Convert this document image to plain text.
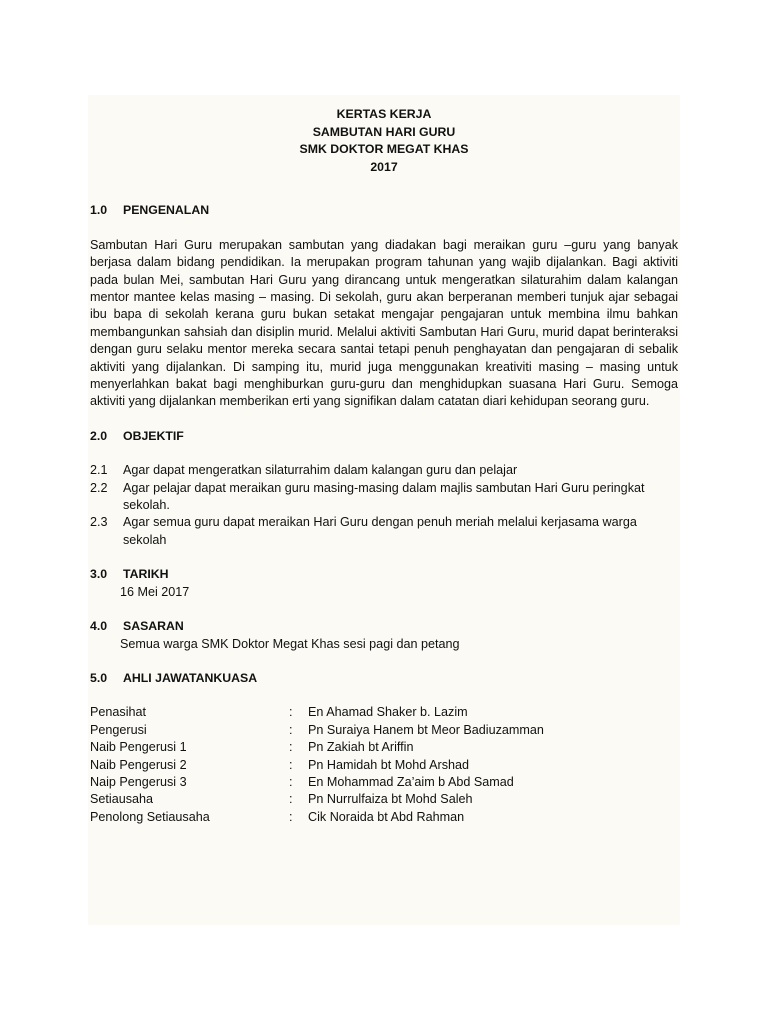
KERTAS KERJA
SAMBUTAN HARI GURU
SMK DOKTOR MEGAT KHAS
2017
1.0	PENGENALAN

Sambutan Hari Guru merupakan sambutan yang diadakan bagi meraikan guru –guru yang banyak berjasa dalam bidang pendidikan. Ia merupakan program tahunan yang wajib dijalankan. Bagi aktiviti pada bulan Mei, sambutan Hari Guru yang dirancang untuk mengeratkan silaturahim dalam kalangan mentor mantee kelas masing – masing. Di sekolah, guru akan berperanan memberi tunjuk ajar sebagai ibu bapa di sekolah kerana guru bukan setakat mengajar pengajaran untuk membina ilmu bahkan membangunkan sahsiah dan disiplin murid. Melalui aktiviti Sambutan Hari Guru, murid dapat berinteraksi dengan guru selaku mentor mereka secara santai tetapi penuh penghayatan dan pengajaran di sebalik aktiviti yang dijalankan. Di samping itu, murid juga menggunakan kreativiti masing – masing untuk menyerlahkan bakat bagi menghiburkan guru-guru dan menghidupkan suasana Hari Guru. Semoga aktiviti yang dijalankan memberikan erti yang signifikan dalam catatan diari kehidupan seorang guru.

2.0	OBJEKTIF
2.1	Agar dapat mengeratkan silaturrahim dalam kalangan guru dan pelajar
2.2	Agar pelajar dapat meraikan guru masing-masing dalam majlis sambutan Hari Guru peringkat sekolah.
2.3	Agar semua guru dapat meraikan Hari Guru dengan penuh meriah melalui kerjasama warga sekolah
3.0	TARIKH

16 Mei 2017

4.0	SASARAN

Semua warga SMK Doktor Megat Khas sesi pagi dan petang

5.0	AHLI JAWATANKUASA
Penasihat	:	En Ahamad Shaker b. Lazim
Pengerusi	:	Pn Suraiya Hanem bt Meor Badiuzamman
Naib Pengerusi 1	:	Pn Zakiah bt Ariffin
Naib Pengerusi 2	:	Pn Hamidah bt Mohd Arshad
Naip Pengerusi 3	:	En Mohammad Za’aim b Abd Samad
Setiausaha	:	Pn Nurrulfaiza bt Mohd Saleh
Penolong Setiausaha	:	Cik Noraida bt Abd Rahman
